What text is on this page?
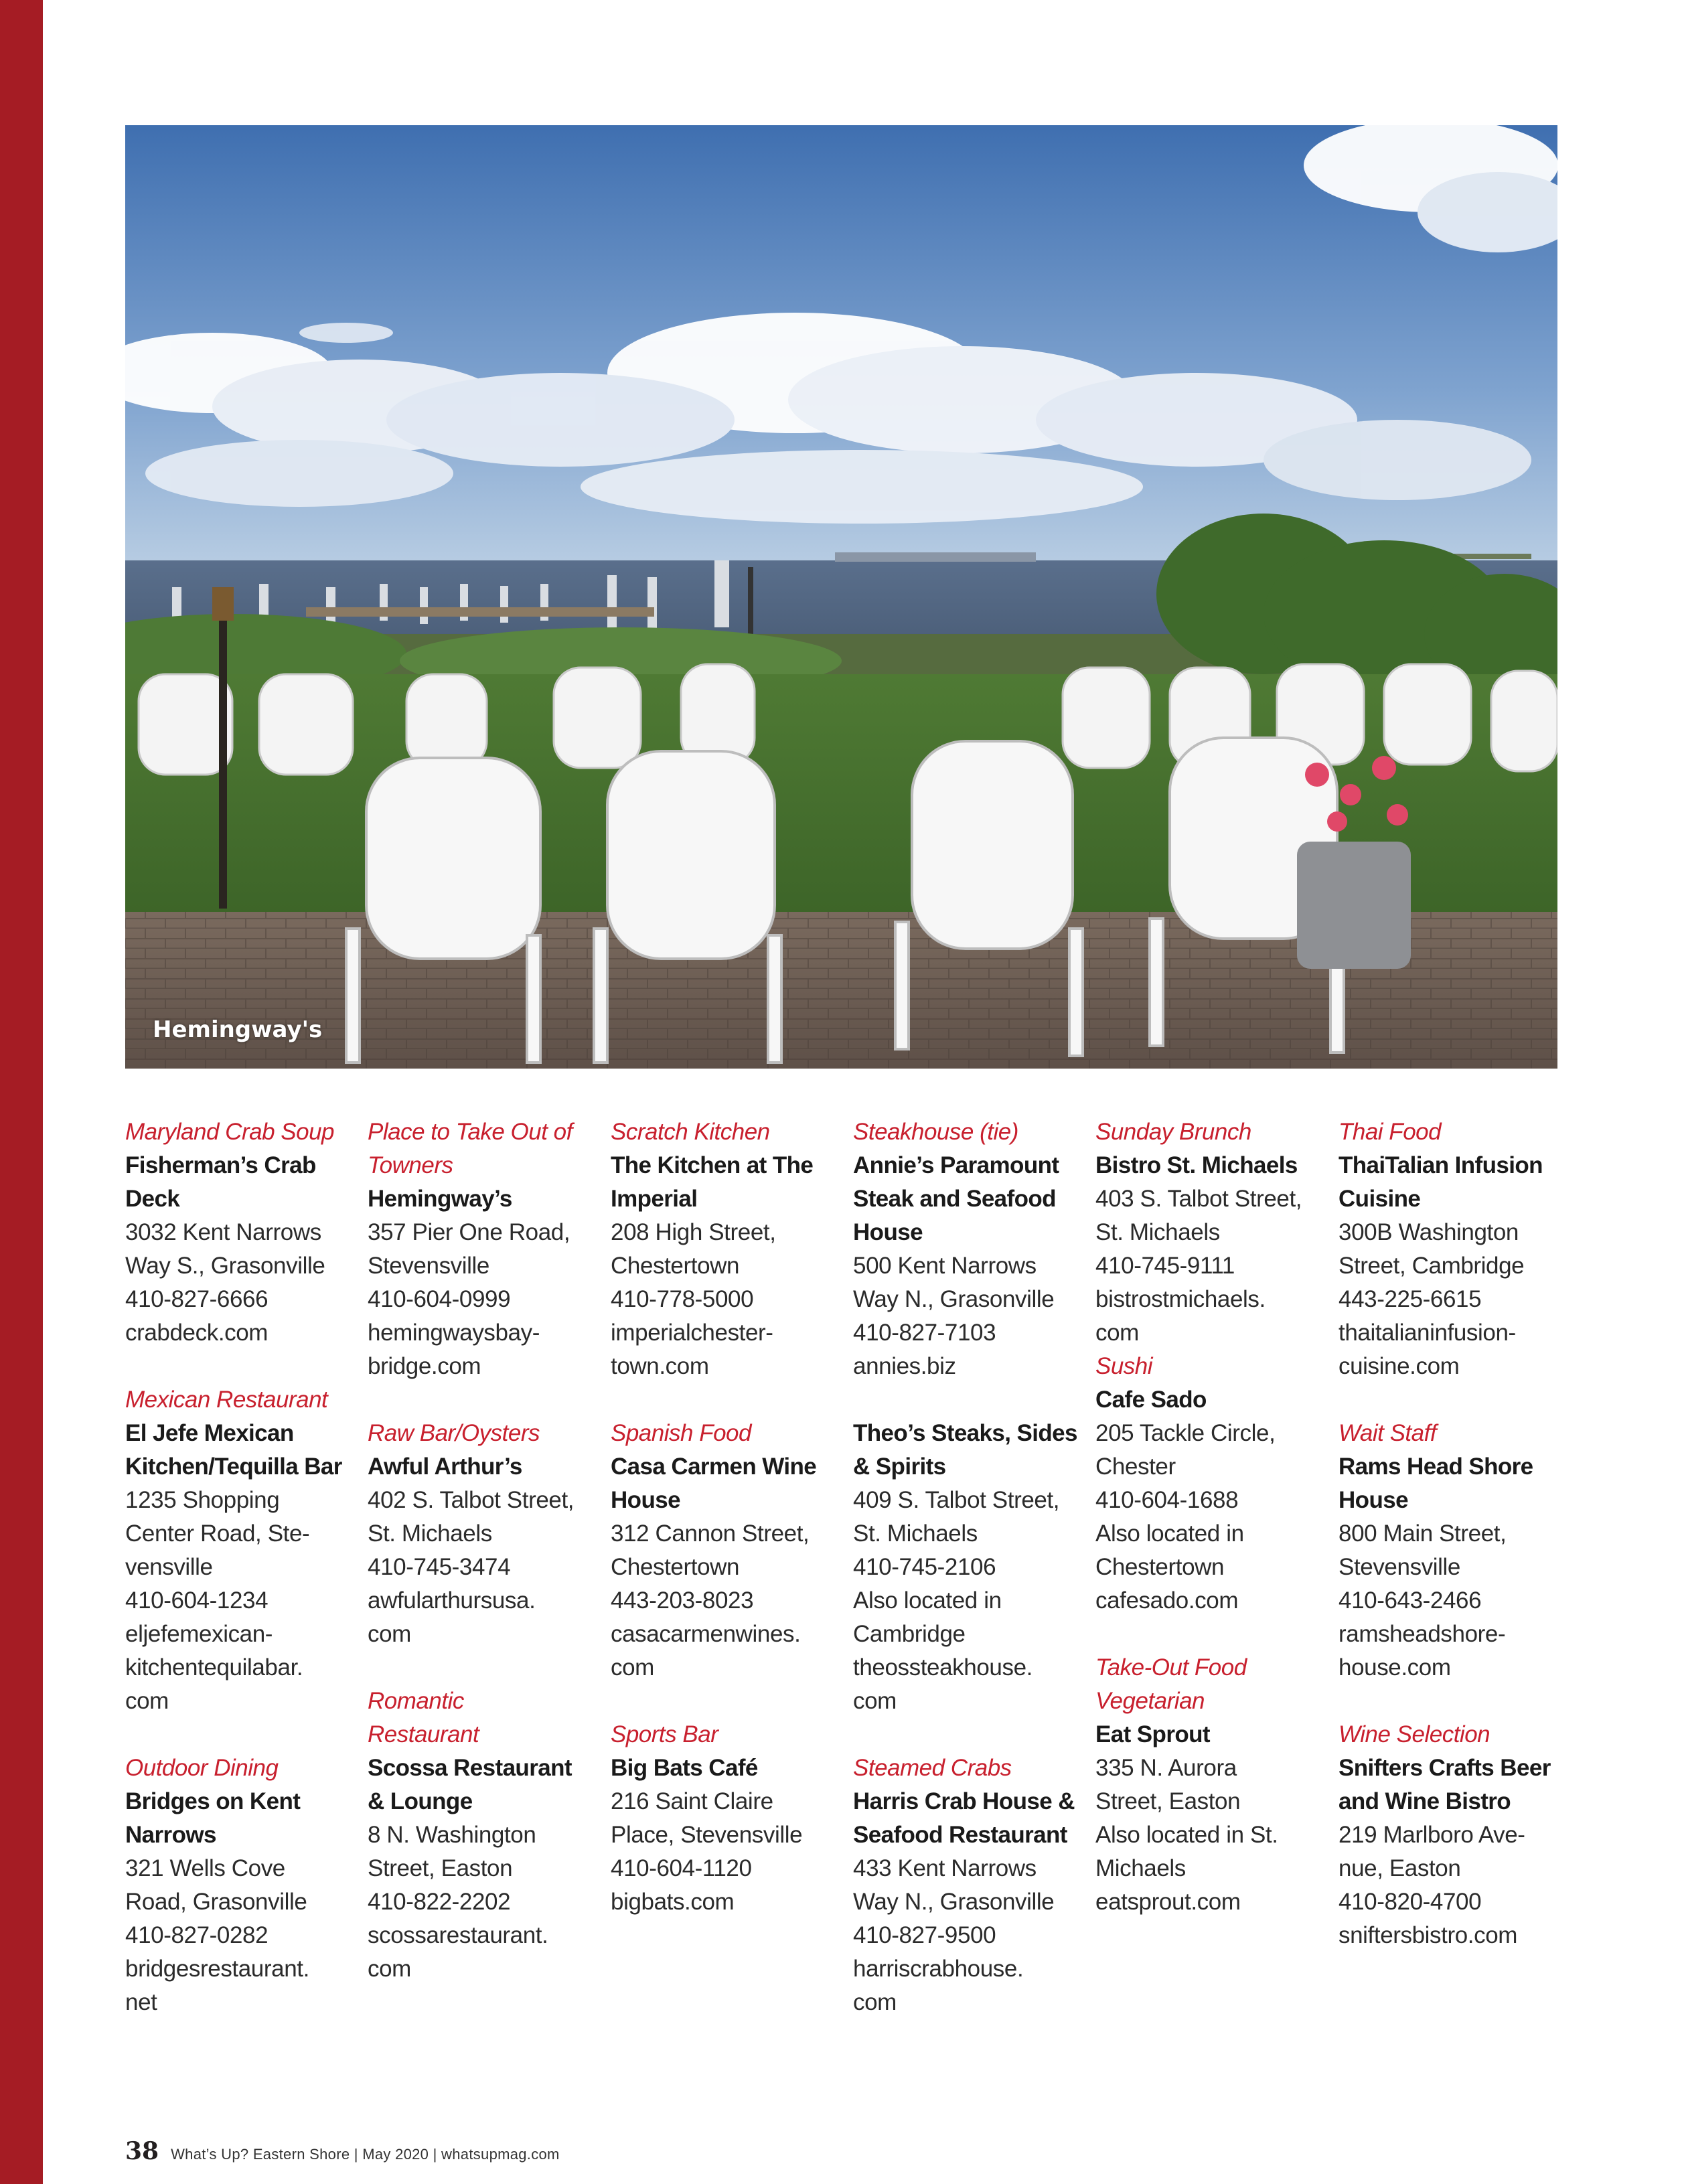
Hemingway's
Maryland Crab Soup
Fisherman’s Crab
Deck
3032 Kent Narrows
Way S., Grasonville
410-827-6666
crabdeck.com
Mexican Restaurant
El Jefe Mexican
Kitchen/Tequilla Bar
1235 Shopping
Center Road, Ste-
vensville
410-604-1234
eljefemexican-
kitchentequilabar.
com
Outdoor Dining
Bridges on Kent
Narrows
321 Wells Cove
Road, Grasonville
410-827-0282
bridgesrestaurant.
net
Place to Take Out of
Towners
Hemingway’s
357 Pier One Road,
Stevensville
410-604-0999
hemingwaysbay-
bridge.com
Raw Bar/Oysters
Awful Arthur’s
402 S. Talbot Street,
St. Michaels
410-745-3474
awfularthursusa.
com
Romantic
Restaurant
Scossa Restaurant
& Lounge
8 N. Washington
Street, Easton
410-822-2202
scossarestaurant.
com
Scratch Kitchen
The Kitchen at The
Imperial
208 High Street,
Chestertown
410-778-5000
imperialchester-
town.com
Spanish Food
Casa Carmen Wine
House
312 Cannon Street,
Chestertown
443-203-8023
casacarmenwines.
com
Sports Bar
Big Bats Café
216 Saint Claire
Place, Stevensville
410-604-1120
bigbats.com
Steakhouse (tie)
Annie’s Paramount
Steak and Seafood
House
500 Kent Narrows
Way N., Grasonville
410-827-7103
annies.biz
Theo’s Steaks, Sides
& Spirits
409 S. Talbot Street,
St. Michaels
410-745-2106
Also located in
Cambridge
theossteakhouse.
com
Steamed Crabs
Harris Crab House &
Seafood Restaurant
433 Kent Narrows
Way N., Grasonville
410-827-9500
harriscrabhouse.
com
Sunday Brunch
Bistro St. Michaels
403 S. Talbot Street,
St. Michaels
410-745-9111
bistrostmichaels.
com
Sushi
Cafe Sado
205 Tackle Circle,
Chester
410-604-1688
Also located in
Chestertown
cafesado.com
Take-Out Food
Vegetarian
Eat Sprout
335 N. Aurora
Street, Easton
Also located in St.
Michaels
eatsprout.com
Thai Food
ThaiTalian Infusion
Cuisine
300B Washington
Street, Cambridge
443-225-6615
thaitalianinfusion-
cuisine.com
Wait Staff
Rams Head Shore
House
800 Main Street,
Stevensville
410-643-2466
ramsheadshore-
house.com
Wine Selection
Snifters Crafts Beer
and Wine Bistro
219 Marlboro Ave-
nue, Easton
410-820-4700
sniftersbistro.com
38 What’s Up? Eastern Shore | May 2020 | whatsupmag.com
